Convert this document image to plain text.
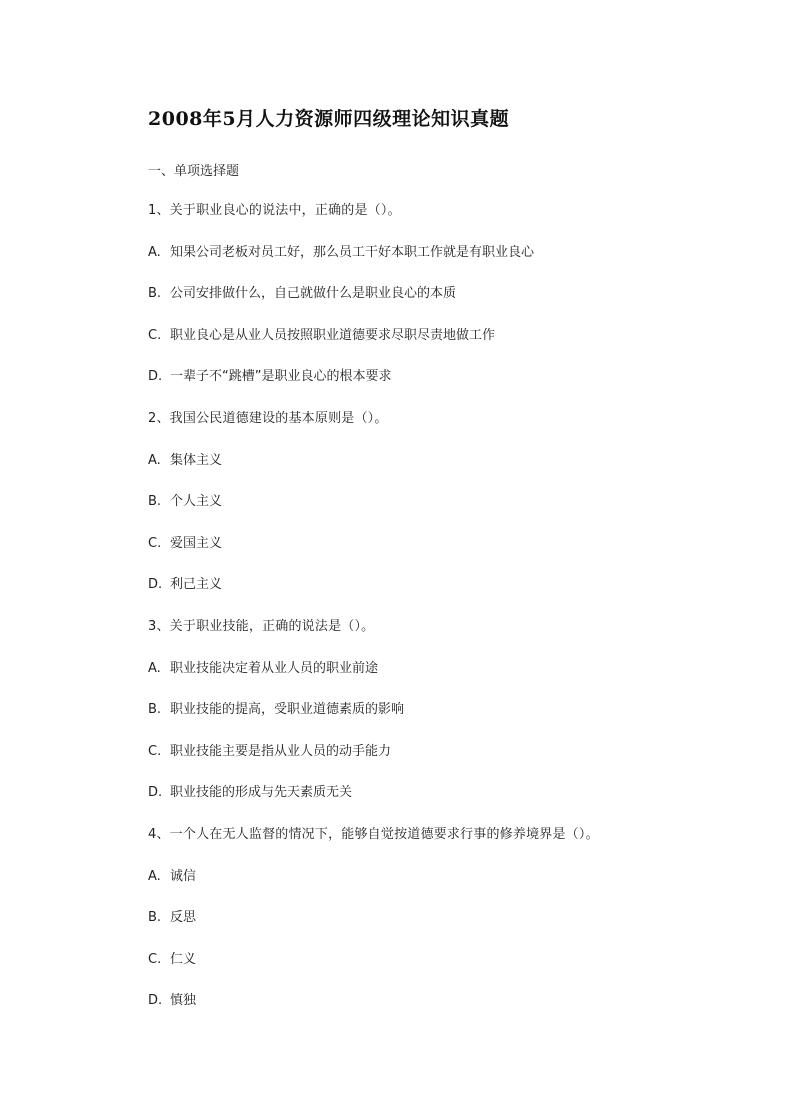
2008年5月人力资源师四级理论知识真题
一、单项选择题
1、关于职业良心的说法中，正确的是（）。
A. 知果公司老板对员工好，那么员工干好本职工作就是有职业良心
B. 公司安排做什么，自己就做什么是职业良心的本质
C. 职业良心是从业人员按照职业道德要求尽职尽责地做工作
D. 一辈子不“跳槽”是职业良心的根本要求
2、我国公民道德建设的基本原则是（）。
A. 集体主义
B. 个人主义
C. 爱国主义
D. 利己主义
3、关于职业技能，正确的说法是（）。
A. 职业技能决定着从业人员的职业前途
B. 职业技能的提高，受职业道德素质的影响
C. 职业技能主要是指从业人员的动手能力
D. 职业技能的形成与先天素质无关
4、一个人在无人监督的情况下，能够自觉按道德要求行事的修养境界是（）。
A. 诚信
B. 反思
C. 仁义
D. 慎独
